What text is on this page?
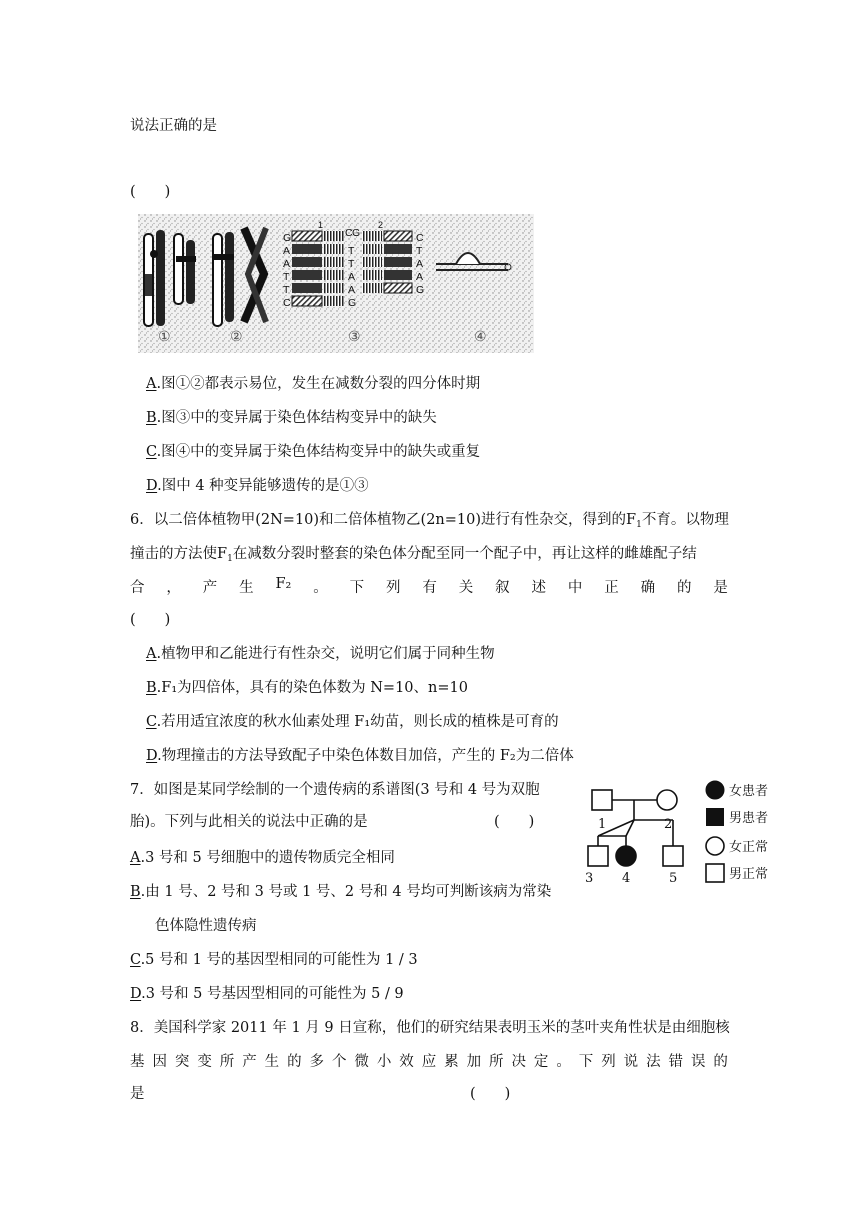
说法正确的是
(　　)
G
A
A
T
T
C
C G
T
T
A
A
G
1	2
C
T
A
A
G
①	②	③	④
A.图①②都表示易位，发生在减数分裂的四分体时期
B.图③中的变异属于染色体结构变异中的缺失
C.图④中的变异属于染色体结构变异中的缺失或重复
D.图中 4 种变异能够遗传的是①③
6．以二倍体植物甲(2N=10)和二倍体植物乙(2n=10)进行有性杂交，得到的$F_1$不育。以物理
撞击的方法使$F_1$在减数分裂时整套的染色体分配至同一个配子中，再让这样的雌雄配子结
合 ， 产 生 F₂ 。 下 列 有 关 叙 述 中 正 确 的 是
(　　)
A.植物甲和乙能进行有性杂交，说明它们属于同种生物
B.F₁为四倍体，具有的染色体数为 N=10、n=10
C.若用适宜浓度的秋水仙素处理 F₁幼苗，则长成的植株是可育的
D.物理撞击的方法导致配子中染色体数目加倍，产生的 F₂为二倍体
7．如图是某同学绘制的一个遗传病的系谱图(3 号和 4 号为双胞
胎)。下列与此相关的说法中正确的是	(　　)
A.3 号和 5 号细胞中的遗传物质完全相同
B.由 1 号、2 号和 3 号或 1 号、2 号和 4 号均可判断该病为常染
色体隐性遗传病
C.5 号和 1 号的基因型相同的可能性为 1 / 3
D.3 号和 5 号基因型相同的可能性为 5 / 9
1	2
3 4	5
女患者
男患者
女正常
男正常
8．美国科学家 2011 年 1 月 9 日宣称，他们的研究结果表明玉米的茎叶夹角性状是由细胞核
基 因 突 变 所 产 生 的 多 个 微 小 效 应 累 加 所 决 定 。 下 列 说 法 错 误 的
是	(　　)
